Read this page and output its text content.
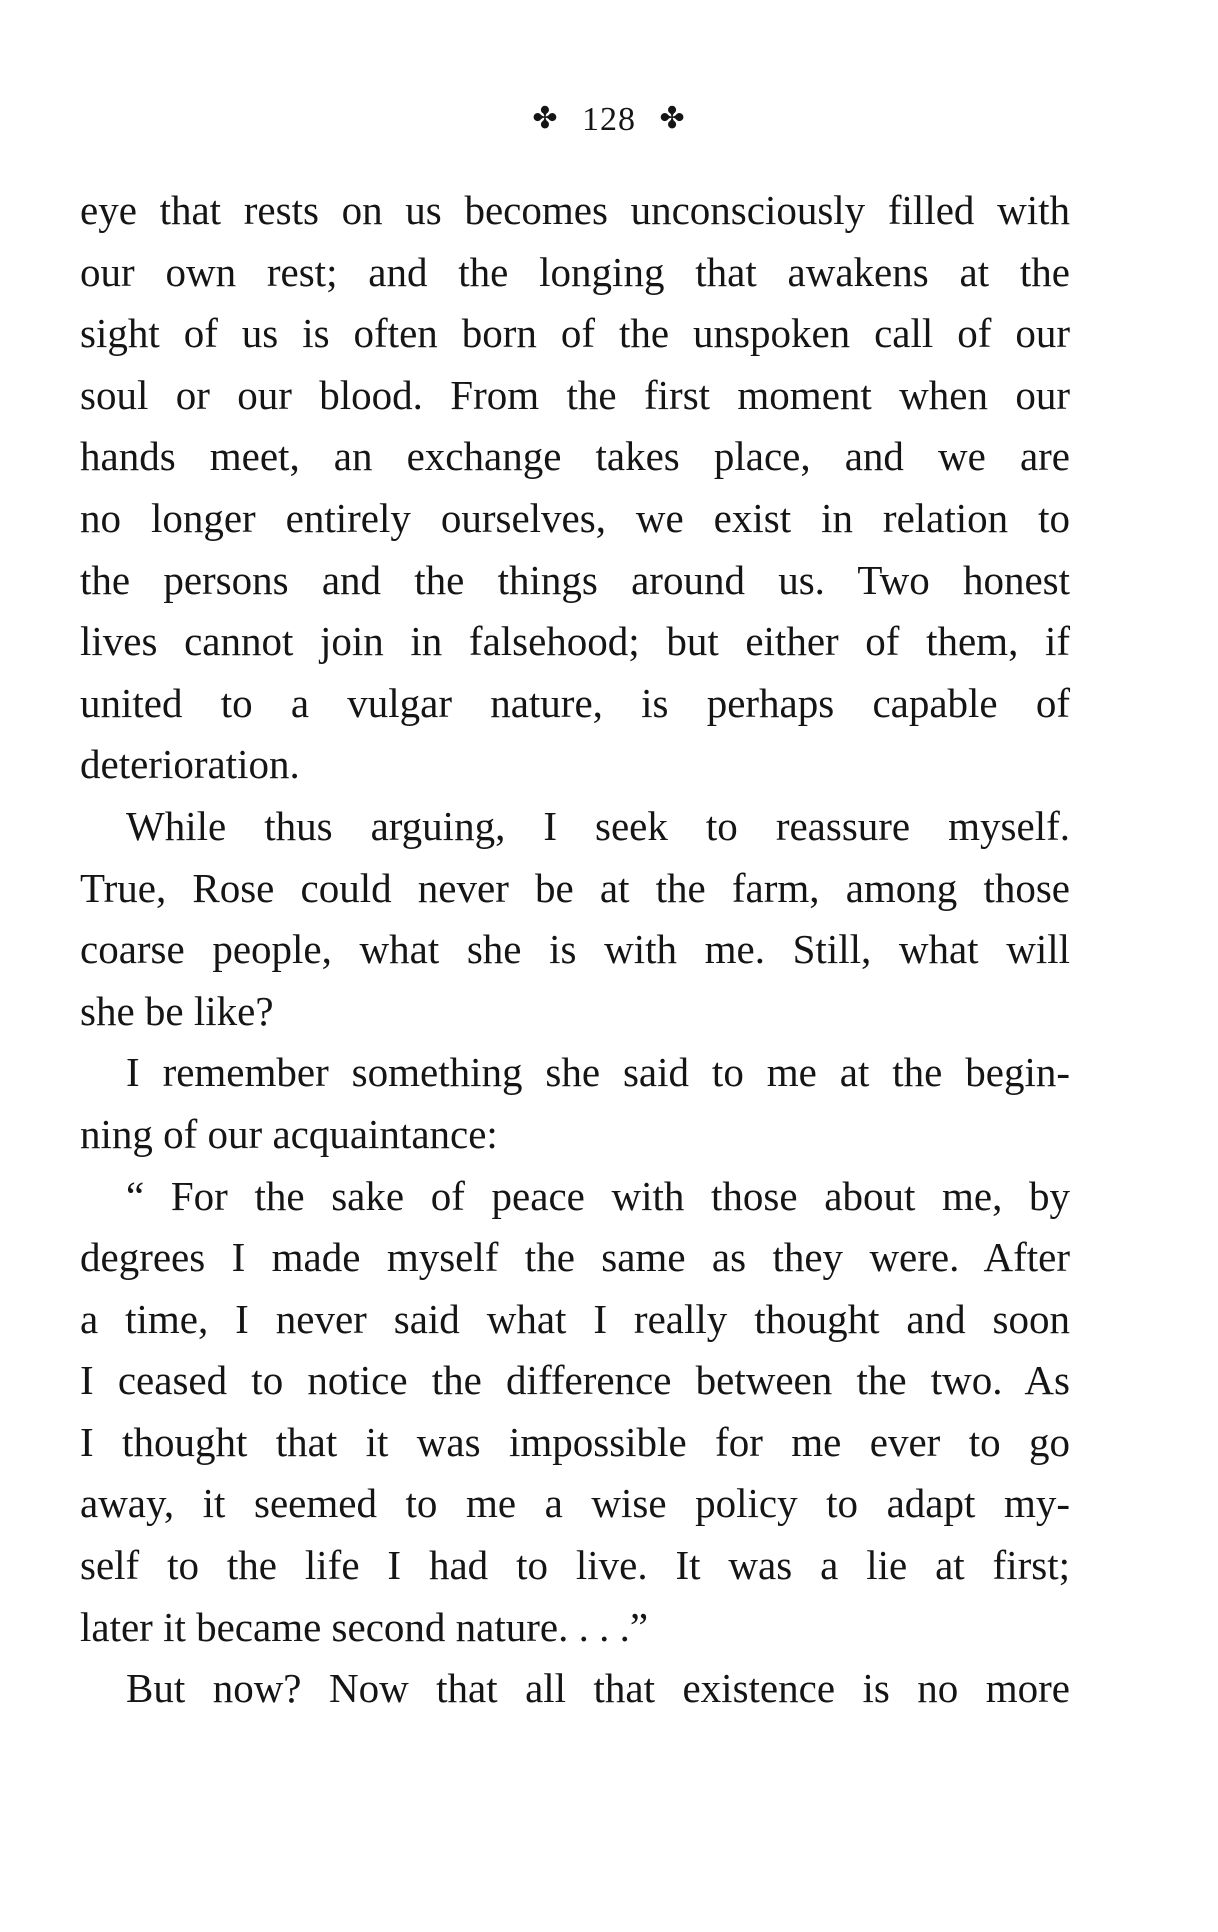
✤ 128 ✤
eye that rests on us becomes unconsciously filled with
our own rest; and the longing that awakens at the
sight of us is often born of the unspoken call of our
soul or our blood. From the first moment when our
hands meet, an exchange takes place, and we are
no longer entirely ourselves, we exist in relation to
the persons and the things around us. Two honest
lives cannot join in falsehood; but either of them, if
united to a vulgar nature, is perhaps capable of
deterioration.
While thus arguing, I seek to reassure myself.
True, Rose could never be at the farm, among those
coarse people, what she is with me. Still, what will
she be like?
I remember something she said to me at the begin-
ning of our acquaintance:
“ For the sake of peace with those about me, by
degrees I made myself the same as they were. After
a time, I never said what I really thought and soon
I ceased to notice the difference between the two. As
I thought that it was impossible for me ever to go
away, it seemed to me a wise policy to adapt my-
self to the life I had to live. It was a lie at first;
later it became second nature. . . .”
But now? Now that all that existence is no more
